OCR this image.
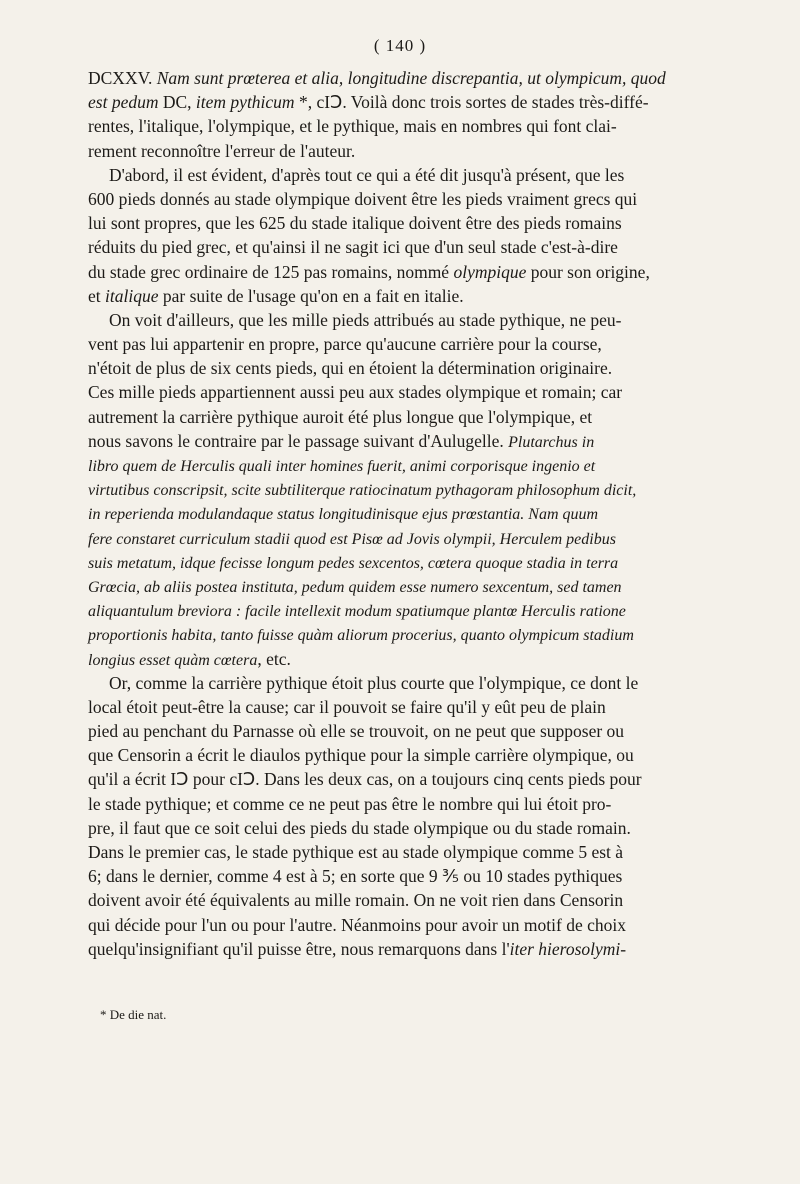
( 140 )
DCXXV. Nam sunt prœterea et alia, longitudine discrepantia, ut olympicum, quod
est pedum DC, item pythicum *, cIↃ. Voilà donc trois sortes de stades très-diffé-
rentes, l'italique, l'olympique, et le pythique, mais en nombres qui font clai-
rement reconnoître l'erreur de l'auteur.
D'abord, il est évident, d'après tout ce qui a été dit jusqu'à présent, que les
600 pieds donnés au stade olympique doivent être les pieds vraiment grecs qui
lui sont propres, que les 625 du stade italique doivent être des pieds romains
réduits du pied grec, et qu'ainsi il ne sagit ici que d'un seul stade c'est-à-dire
du stade grec ordinaire de 125 pas romains, nommé olympique pour son origine,
et italique par suite de l'usage qu'on en a fait en italie.
On voit d'ailleurs, que les mille pieds attribués au stade pythique, ne peu-
vent pas lui appartenir en propre, parce qu'aucune carrière pour la course,
n'étoit de plus de six cents pieds, qui en étoient la détermination originaire.
Ces mille pieds appartiennent aussi peu aux stades olympique et romain; car
autrement la carrière pythique auroit été plus longue que l'olympique, et
nous savons le contraire par le passage suivant d'Aulugelle. Plutarchus in
libro quem de Herculis quali inter homines fuerit, animi corporisque ingenio et
virtutibus conscripsit, scite subtiliterque ratiocinatum pythagoram philosophum dicit,
in reperienda modulandaque status longitudinisque ejus prœstantia. Nam quum
fere constaret curriculum stadii quod est Pisœ ad Jovis olympii, Herculem pedibus
suis metatum, idque fecisse longum pedes sexcentos, cœtera quoque stadia in terra
Grœcia, ab aliis postea instituta, pedum quidem esse numero sexcentum, sed tamen
aliquantulum breviora : facile intellexit modum spatiumque plantœ Herculis ratione
proportionis habita, tanto fuisse quàm aliorum procerius, quanto olympicum stadium
longius esset quàm cœtera, etc.
Or, comme la carrière pythique étoit plus courte que l'olympique, ce dont le
local étoit peut-être la cause; car il pouvoit se faire qu'il y eût peu de plain
pied au penchant du Parnasse où elle se trouvoit, on ne peut que supposer ou
que Censorin a écrit le diaulos pythique pour la simple carrière olympique, ou
qu'il a écrit IↃ pour cIↃ. Dans les deux cas, on a toujours cinq cents pieds pour
le stade pythique; et comme ce ne peut pas être le nombre qui lui étoit pro-
pre, il faut que ce soit celui des pieds du stade olympique ou du stade romain.
Dans le premier cas, le stade pythique est au stade olympique comme 5 est à
6; dans le dernier, comme 4 est à 5; en sorte que 9 ⅗ ou 10 stades pythiques
doivent avoir été équivalents au mille romain. On ne voit rien dans Censorin
qui décide pour l'un ou pour l'autre. Néanmoins pour avoir un motif de choix
quelqu'insignifiant qu'il puisse être, nous remarquons dans l'iter hierosolymi-
* De die nat.
